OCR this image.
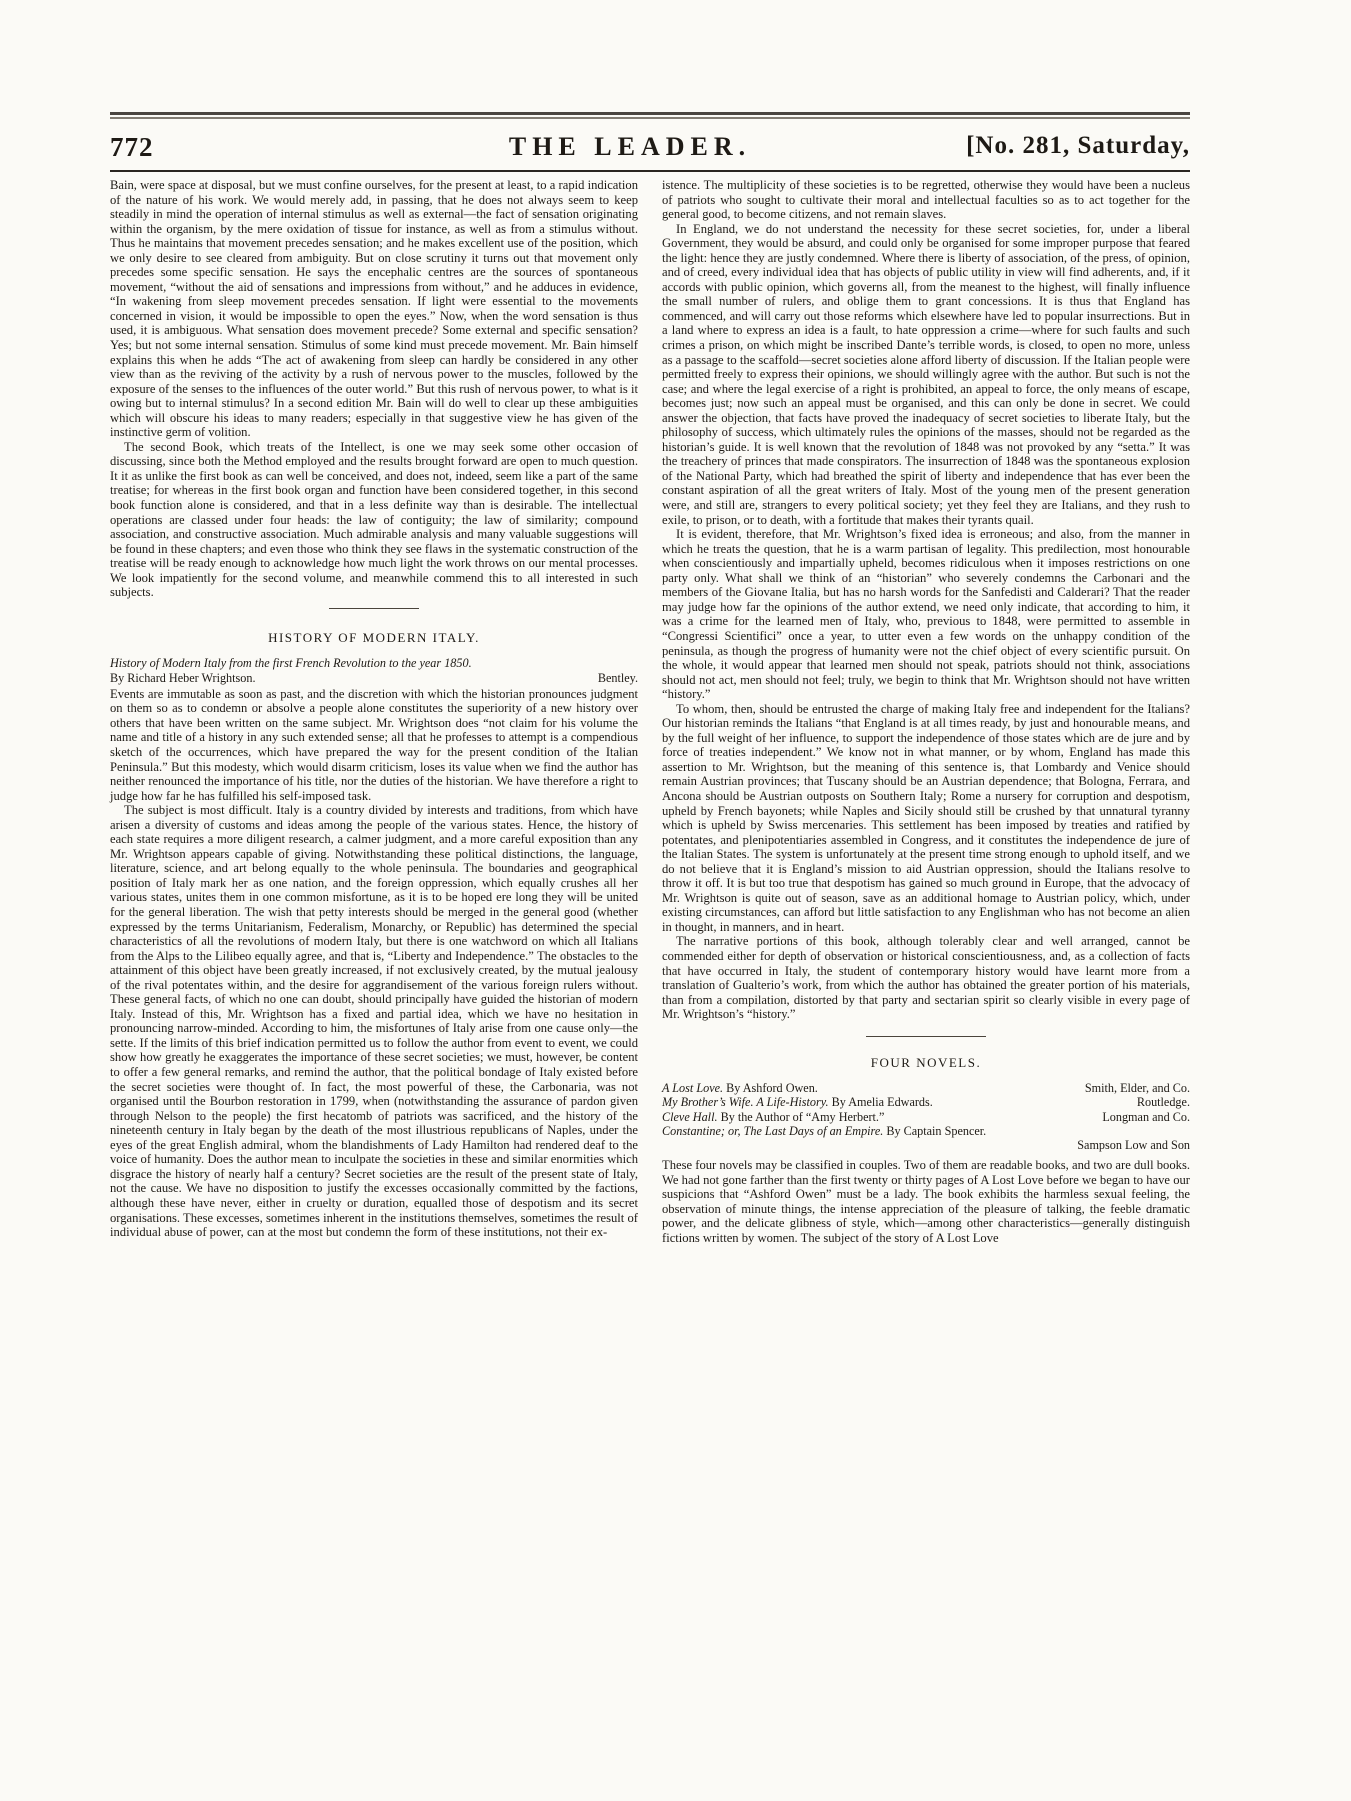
772	THE LEADER.	[No. 281, Saturday,

Bain, were space at disposal, but we must confine ourselves, for the present at least, to a rapid indication of the nature of his work. We would merely add, in passing, that he does not always seem to keep steadily in mind the operation of internal stimulus as well as external—the fact of sensation originating within the organism, by the mere oxidation of tissue for instance, as well as from a stimulus without. Thus he maintains that movement precedes sensation; and he makes excellent use of the position, which we only desire to see cleared from ambiguity. But on close scrutiny it turns out that movement only precedes some specific sensation. He says the encephalic centres are the sources of spontaneous movement, “without the aid of sensations and impressions from without,” and he adduces in evidence, “In wakening from sleep movement precedes sensation. If light were essential to the movements concerned in vision, it would be impossible to open the eyes.” Now, when the word sensation is thus used, it is ambiguous. What sensation does movement precede? Some external and specific sensation? Yes; but not some internal sensation. Stimulus of some kind must precede movement. Mr. Bain himself explains this when he adds “The act of awakening from sleep can hardly be considered in any other view than as the reviving of the activity by a rush of nervous power to the muscles, followed by the exposure of the senses to the influences of the outer world.” But this rush of nervous power, to what is it owing but to internal stimulus? In a second edition Mr. Bain will do well to clear up these ambiguities which will obscure his ideas to many readers; especially in that suggestive view he has given of the instinctive germ of volition.

The second Book, which treats of the Intellect, is one we may seek some other occasion of discussing, since both the Method employed and the results brought forward are open to much question. It it as unlike the first book as can well be conceived, and does not, indeed, seem like a part of the same treatise; for whereas in the first book organ and function have been considered together, in this second book function alone is considered, and that in a less definite way than is desirable. The intellectual operations are classed under four heads: the law of contiguity; the law of similarity; compound association, and constructive association. Much admirable analysis and many valuable suggestions will be found in these chapters; and even those who think they see flaws in the systematic construction of the treatise will be ready enough to acknowledge how much light the work throws on our mental processes. We look impatiently for the second volume, and meanwhile commend this to all interested in such subjects.

HISTORY OF MODERN ITALY.
History of Modern Italy from the first French Revolution to the year 1850.
By Richard Heber Wrightson.	Bentley.

Events are immutable as soon as past, and the discretion with which the historian pronounces judgment on them so as to condemn or absolve a people alone constitutes the superiority of a new history over others that have been written on the same subject. Mr. Wrightson does “not claim for his volume the name and title of a history in any such extended sense; all that he professes to attempt is a compendious sketch of the occurrences, which have prepared the way for the present condition of the Italian Peninsula.” But this modesty, which would disarm criticism, loses its value when we find the author has neither renounced the importance of his title, nor the duties of the historian. We have therefore a right to judge how far he has fulfilled his self-imposed task.

The subject is most difficult. Italy is a country divided by interests and traditions, from which have arisen a diversity of customs and ideas among the people of the various states. Hence, the history of each state requires a more diligent research, a calmer judgment, and a more careful exposition than any Mr. Wrightson appears capable of giving. Notwithstanding these political distinctions, the language, literature, science, and art belong equally to the whole peninsula. The boundaries and geographical position of Italy mark her as one nation, and the foreign oppression, which equally crushes all her various states, unites them in one common misfortune, as it is to be hoped ere long they will be united for the general liberation. The wish that petty interests should be merged in the general good (whether expressed by the terms Unitarianism, Federalism, Monarchy, or Republic) has determined the special characteristics of all the revolutions of modern Italy, but there is one watchword on which all Italians from the Alps to the Lilibeo equally agree, and that is, “Liberty and Independence.” The obstacles to the attainment of this object have been greatly increased, if not exclusively created, by the mutual jealousy of the rival potentates within, and the desire for aggrandisement of the various foreign rulers without. These general facts, of which no one can doubt, should principally have guided the historian of modern Italy. Instead of this, Mr. Wrightson has a fixed and partial idea, which we have no hesitation in pronouncing narrow-minded. According to him, the misfortunes of Italy arise from one cause only—the sette. If the limits of this brief indication permitted us to follow the author from event to event, we could show how greatly he exaggerates the importance of these secret societies; we must, however, be content to offer a few general remarks, and remind the author, that the political bondage of Italy existed before the secret societies were thought of. In fact, the most powerful of these, the Carbonaria, was not organised until the Bourbon restoration in 1799, when (notwithstanding the assurance of pardon given through Nelson to the people) the first hecatomb of patriots was sacrificed, and the history of the nineteenth century in Italy began by the death of the most illustrious republicans of Naples, under the eyes of the great English admiral, whom the blandishments of Lady Hamilton had rendered deaf to the voice of humanity. Does the author mean to inculpate the societies in these and similar enormities which disgrace the history of nearly half a century? Secret societies are the result of the present state of Italy, not the cause. We have no disposition to justify the excesses occasionally committed by the factions, although these have never, either in cruelty or duration, equalled those of despotism and its secret organisations. These excesses, sometimes inherent in the institutions themselves, sometimes the result of individual abuse of power, can at the most but condemn the form of these institutions, not their ex-

istence. The multiplicity of these societies is to be regretted, otherwise they would have been a nucleus of patriots who sought to cultivate their moral and intellectual faculties so as to act together for the general good, to become citizens, and not remain slaves.

In England, we do not understand the necessity for these secret societies, for, under a liberal Government, they would be absurd, and could only be organised for some improper purpose that feared the light: hence they are justly condemned. Where there is liberty of association, of the press, of opinion, and of creed, every individual idea that has objects of public utility in view will find adherents, and, if it accords with public opinion, which governs all, from the meanest to the highest, will finally influence the small number of rulers, and oblige them to grant concessions. It is thus that England has commenced, and will carry out those reforms which elsewhere have led to popular insurrections. But in a land where to express an idea is a fault, to hate oppression a crime—where for such faults and such crimes a prison, on which might be inscribed Dante’s terrible words, is closed, to open no more, unless as a passage to the scaffold—secret societies alone afford liberty of discussion. If the Italian people were permitted freely to express their opinions, we should willingly agree with the author. But such is not the case; and where the legal exercise of a right is prohibited, an appeal to force, the only means of escape, becomes just; now such an appeal must be organised, and this can only be done in secret. We could answer the objection, that facts have proved the inadequacy of secret societies to liberate Italy, but the philosophy of success, which ultimately rules the opinions of the masses, should not be regarded as the historian’s guide. It is well known that the revolution of 1848 was not provoked by any “setta.” It was the treachery of princes that made conspirators. The insurrection of 1848 was the spontaneous explosion of the National Party, which had breathed the spirit of liberty and independence that has ever been the constant aspiration of all the great writers of Italy. Most of the young men of the present generation were, and still are, strangers to every political society; yet they feel they are Italians, and they rush to exile, to prison, or to death, with a fortitude that makes their tyrants quail.

It is evident, therefore, that Mr. Wrightson’s fixed idea is erroneous; and also, from the manner in which he treats the question, that he is a warm partisan of legality. This predilection, most honourable when conscientiously and impartially upheld, becomes ridiculous when it imposes restrictions on one party only. What shall we think of an “historian” who severely condemns the Carbonari and the members of the Giovane Italia, but has no harsh words for the Sanfedisti and Calderari? That the reader may judge how far the opinions of the author extend, we need only indicate, that according to him, it was a crime for the learned men of Italy, who, previous to 1848, were permitted to assemble in “Congressi Scientifici” once a year, to utter even a few words on the unhappy condition of the peninsula, as though the progress of humanity were not the chief object of every scientific pursuit. On the whole, it would appear that learned men should not speak, patriots should not think, associations should not act, men should not feel; truly, we begin to think that Mr. Wrightson should not have written “history.”

To whom, then, should be entrusted the charge of making Italy free and independent for the Italians? Our historian reminds the Italians “that England is at all times ready, by just and honourable means, and by the full weight of her influence, to support the independence of those states which are de jure and by force of treaties independent.” We know not in what manner, or by whom, England has made this assertion to Mr. Wrightson, but the meaning of this sentence is, that Lombardy and Venice should remain Austrian provinces; that Tuscany should be an Austrian dependence; that Bologna, Ferrara, and Ancona should be Austrian outposts on Southern Italy; Rome a nursery for corruption and despotism, upheld by French bayonets; while Naples and Sicily should still be crushed by that unnatural tyranny which is upheld by Swiss mercenaries. This settlement has been imposed by treaties and ratified by potentates, and plenipotentiaries assembled in Congress, and it constitutes the independence de jure of the Italian States. The system is unfortunately at the present time strong enough to uphold itself, and we do not believe that it is England’s mission to aid Austrian oppression, should the Italians resolve to throw it off. It is but too true that despotism has gained so much ground in Europe, that the advocacy of Mr. Wrightson is quite out of season, save as an additional homage to Austrian policy, which, under existing circumstances, can afford but little satisfaction to any Englishman who has not become an alien in thought, in manners, and in heart.

The narrative portions of this book, although tolerably clear and well arranged, cannot be commended either for depth of observation or historical conscientiousness, and, as a collection of facts that have occurred in Italy, the student of contemporary history would have learnt more from a translation of Gualterio’s work, from which the author has obtained the greater portion of his materials, than from a compilation, distorted by that party and sectarian spirit so clearly visible in every page of Mr. Wrightson’s “history.”

FOUR NOVELS.
A Lost Love. By Ashford Owen.	Smith, Elder, and Co.
My Brother’s Wife. A Life-History. By Amelia Edwards.	Routledge.
Cleve Hall. By the Author of “Amy Herbert.”	Longman and Co.
Constantine; or, The Last Days of an Empire. By Captain Spencer.
Sampson Low and Son

These four novels may be classified in couples. Two of them are readable books, and two are dull books. We had not gone farther than the first twenty or thirty pages of A Lost Love before we began to have our suspicions that “Ashford Owen” must be a lady. The book exhibits the harmless sexual feeling, the observation of minute things, the intense appreciation of the pleasure of talking, the feeble dramatic power, and the delicate glibness of style, which—among other characteristics—generally distinguish fictions written by women. The subject of the story of A Lost Love
